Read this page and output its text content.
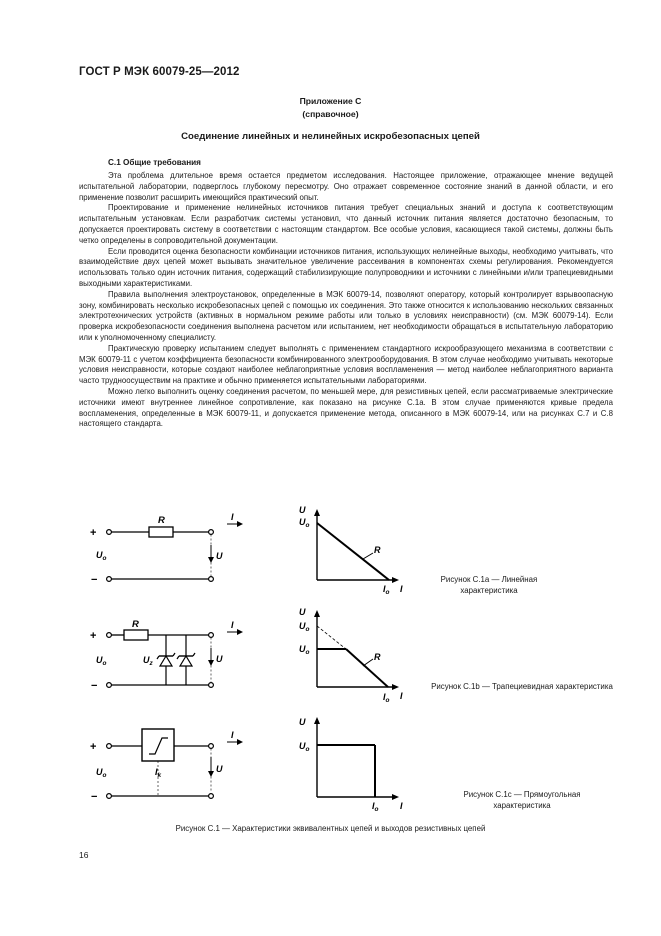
ГОСТ Р МЭК 60079-25—2012
Приложение С
(справочное)
Соединение линейных и нелинейных искробезопасных цепей
С.1 Общие требования

Эта проблема длительное время остается предметом исследования. Настоящее приложение, отражающее мнение ведущей испытательной лаборатории, подверглось глубокому пересмотру. Оно отражает современное состояние знаний в данной области, и его применение позволит расширить имеющийся практический опыт.

Проектирование и применение нелинейных источников питания требует специальных знаний и доступа к соответствующим испытательным установкам. Если разработчик системы установил, что данный источник питания является достаточно безопасным, то допускается проектировать систему в соответствии с настоящим стандартом. Все особые условия, касающиеся такой системы, должны быть четко определены в сопроводительной документации.

Если проводится оценка безопасности комбинации источников питания, использующих нелинейные выходы, необходимо учитывать, что взаимодействие двух цепей может вызывать значительное увеличение рассеивания в компонентах схемы регулирования. Рекомендуется использовать только один источник питания, содержащий стабилизирующие полупроводники и источники с линейными и/или трапециевидными выходными характеристиками.

Правила выполнения электроустановок, определенные в МЭК 60079-14, позволяют оператору, который контролирует взрывоопасную зону, комбинировать несколько искробезопасных цепей с помощью их соединения. Это также относится к использованию нескольких связанных электротехнических устройств (активных в нормальном режиме работы или только в условиях неисправности) (см. МЭК 60079-14). Если проверка искробезопасности соединения выполнена расчетом или испытанием, нет необходимости обращаться в испытательную лабораторию или к уполномоченному специалисту.

Практическую проверку испытанием следует выполнять с применением стандартного искрообразующего механизма в соответствии с МЭК 60079-11 с учетом коэффициента безопасности комбинированного электрооборудования. В этом случае необходимо учитывать некоторые условия неисправности, которые создают наиболее неблагоприятные условия воспламенения — метод наиболее неблагоприятного варианта часто трудноосуществим на практике и обычно применяется испытательными лабораториями.

Можно легко выполнить оценку соединения расчетом, по меньшей мере, для резистивных цепей, если рассматриваемые электрические источники имеют внутреннее линейное сопротивление, как показано на рисунке С.1а. В этом случае применяются кривые предела воспламенения, определенные в МЭК 60079-11, и допускается применение метода, описанного в МЭК 60079-14, или на рисунках С.7 и С.8 настоящего стандарта.

+
R
U
$U_o$
−
I
U
$U_o$
R
$I_o$ I
Рисунок С.1а — Линейная характеристика
+
R
$U_z$	U
$U_o$
−
I
U
$U_o$
$U_o$	R
$I_o$ I
Рисунок С.1b — Трапециевидная характеристика
+
$I_k$
U
$U_o$
−
I
U
$U_o$
$I_o$ I
Рисунок С.1с — Прямоугольная характеристика
Рисунок С.1 — Характеристики эквивалентных цепей и выходов резистивных цепей
16
